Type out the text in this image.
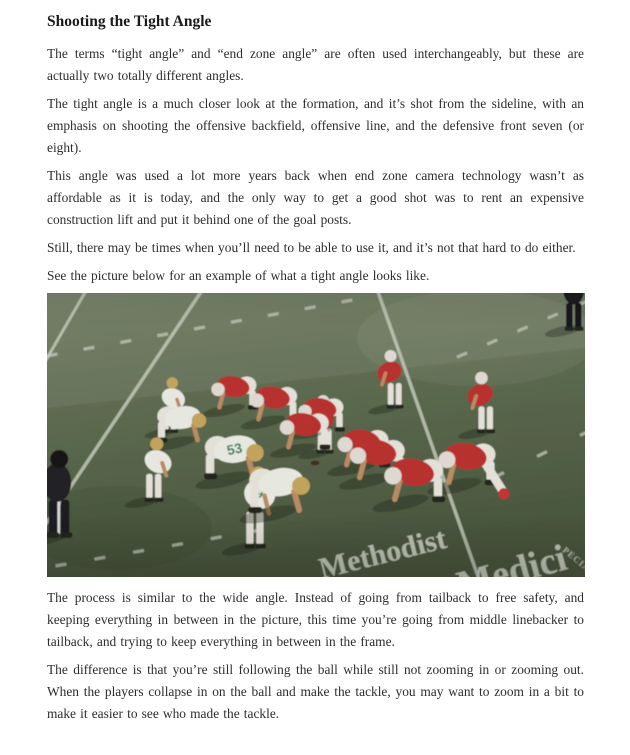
Shooting the Tight Angle

The terms “tight angle” and “end zone angle” are often used interchangeably, but these are actually two totally different angles.

The tight angle is a much closer look at the formation, and it’s shot from the sideline, with an emphasis on shooting the offensive backfield, offensive line, and the defensive front seven (or eight).

This angle was used a lot more years back when end zone camera technology wasn’t as affordable as it is today, and the only way to get a good shot was to rent an expensive construction lift and put it behind one of the goal posts.

Still, there may be times when you’ll need to be able to use it, and it’s not that hard to do either.

See the picture below for an example of what a tight angle looks like.

The process is similar to the wide angle. Instead of going from tailback to free safety, and keeping everything in between in the picture, this time you’re going from middle linebacker to tailback, and trying to keep everything in between in the frame.

The difference is that you’re still following the ball while still not zooming in or zooming out. When the players collapse in on the ball and make the tackle, you may want to zoom in a bit to make it easier to see who made the tackle.
